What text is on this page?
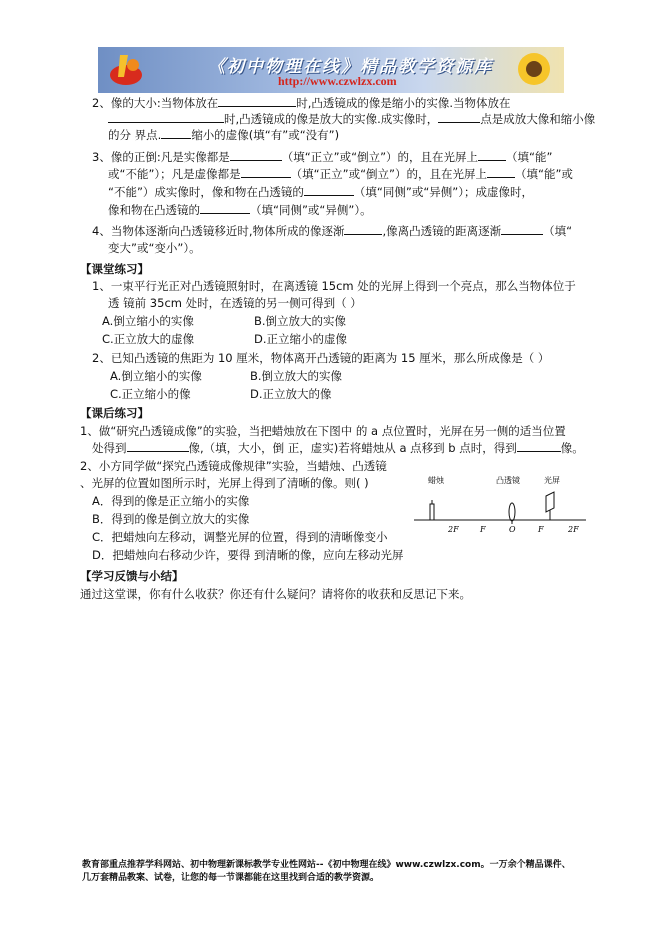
《初中物理在线》精品教学资源库
http://www.czwlzx.com
2、像的大小:当物体放在	时,凸透镜成的像是缩小的实像.当物体放在
时,凸透镜成的像是放大的实像.成实像时，	点是成放大像和缩小像
的分 界点.	缩小的虚像(填“有”或“没有”)
3、像的正倒:凡是实像都是	（填“正立”或“倒立”）的，且在光屏上 （填“能”
或“不能”）；凡是虚像都是	（填“正立”或“倒立”）的，且在光屏上 （填“能”或
“不能”）成实像时，像和物在凸透镜的	（填“同侧”或“异侧”）；成虚像时，
像和物在凸透镜的	（填“同侧”或“异侧”）。
4、当物体逐渐向凸透镜移近时,物体所成的像逐渐	,像离凸透镜的距离逐渐	（填“
变大”或“变小”）。
【课堂练习】
1、一束平行光正对凸透镜照射时，在离透镜 15cm 处的光屏上得到一个亮点，那么当物体位于
透 镜前 35cm 处时，在透镜的另一侧可得到（ ）
A.倒立缩小的实像	B.倒立放大的实像
C.正立放大的虚像	D.正立缩小的虚像
2、已知凸透镜的焦距为 10 厘米，物体离开凸透镜的距离为 15 厘米，那么所成像是（ ）
A.倒立缩小的实像	B.倒立放大的实像
C.正立缩小的像	D.正立放大的像
【课后练习】
1、做“研究凸透镜成像”的实验，当把蜡烛放在下图中 的 a 点位置时，光屏在另一侧的适当位置
处得到	像,（填，大小，倒 正，虚实)若将蜡烛从 a 点移到 b 点时，得到	像。
2、小方同学做“探究凸透镜成像规律”实验，当蜡烛、凸透镜
、光屏的位置如图所示时，光屏上得到了清晰的像。则( )
A．得到的像是正立缩小的实像
B．得到的像是倒立放大的实像
C．把蜡烛向左移动，调整光屏的位置，得到的清晰像变小
D．把蜡烛向右移动少许，要得 到清晰的像，应向左移动光屏
蜡烛	凸透镜	光屏
2F	F	O	F	2F
【学习反馈与小结】
通过这堂课，你有什么收获？你还有什么疑问？请将你的收获和反思记下来。
教育部重点推荐学科网站、初中物理新课标教学专业性网站--《初中物理在线》www.czwlzx.com。一万余个精品课件、
几万套精品教案、试卷，让您的每一节课都能在这里找到合适的教学资源。
